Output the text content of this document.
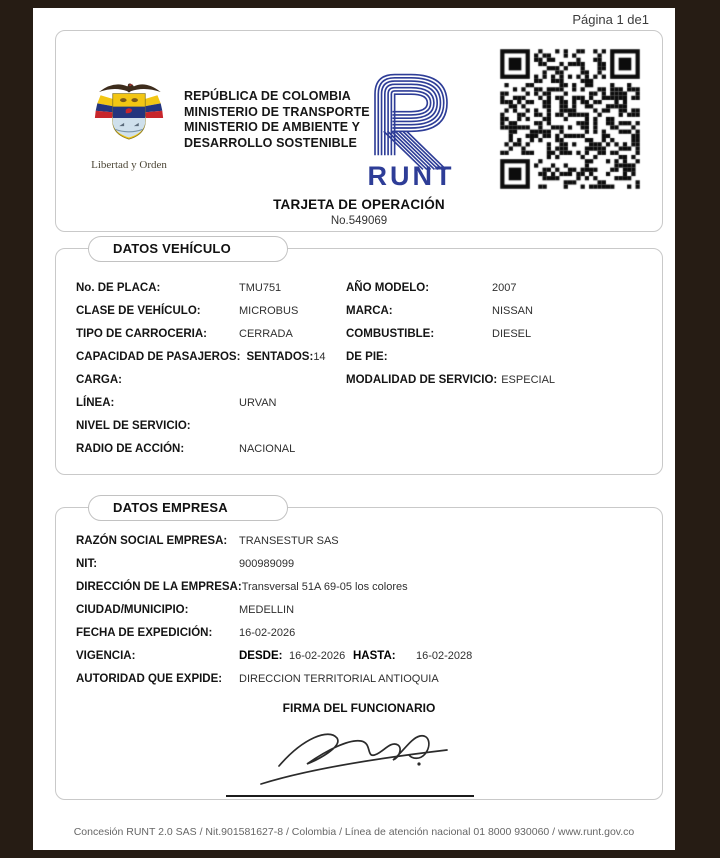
Página 1 de1
Libertad y Orden
REPÚBLICA DE COLOMBIA
MINISTERIO DE TRANSPORTE
MINISTERIO DE AMBIENTE Y
DESARROLLO SOSTENIBLE
RUNT
TARJETA DE OPERACIÓN
No.549069
DATOS VEHÍCULO
No. DE PLACA:	TMU751
CLASE DE VEHÍCULO:	MICROBUS
TIPO DE CARROCERIA:	CERRADA
CAPACIDAD DE PASAJEROS: SENTADOS:14
CARGA:
LÍNEA:	URVAN
NIVEL DE SERVICIO:
RADIO DE ACCIÓN:	NACIONAL
AÑO MODELO:	2007
MARCA:	NISSAN
COMBUSTIBLE:	DIESEL
DE PIE:
MODALIDAD DE SERVICIO: ESPECIAL
DATOS EMPRESA
RAZÓN SOCIAL EMPRESA: TRANSESTUR SAS
NIT:	900989099
DIRECCIÓN DE LA EMPRESA:Transversal 51A 69-05 los colores
CIUDAD/MUNICIPIO:	MEDELLIN
FECHA DE EXPEDICIÓN: 16-02-2026
VIGENCIA:	DESDE: 16-02-2026 HASTA: 16-02-2028
AUTORIDAD QUE EXPIDE: DIRECCION TERRITORIAL ANTIOQUIA
FIRMA DEL FUNCIONARIO
Concesión RUNT 2.0 SAS / Nit.901581627-8 / Colombia / Línea de atención nacional 01 8000 930060 / www.runt.gov.co
